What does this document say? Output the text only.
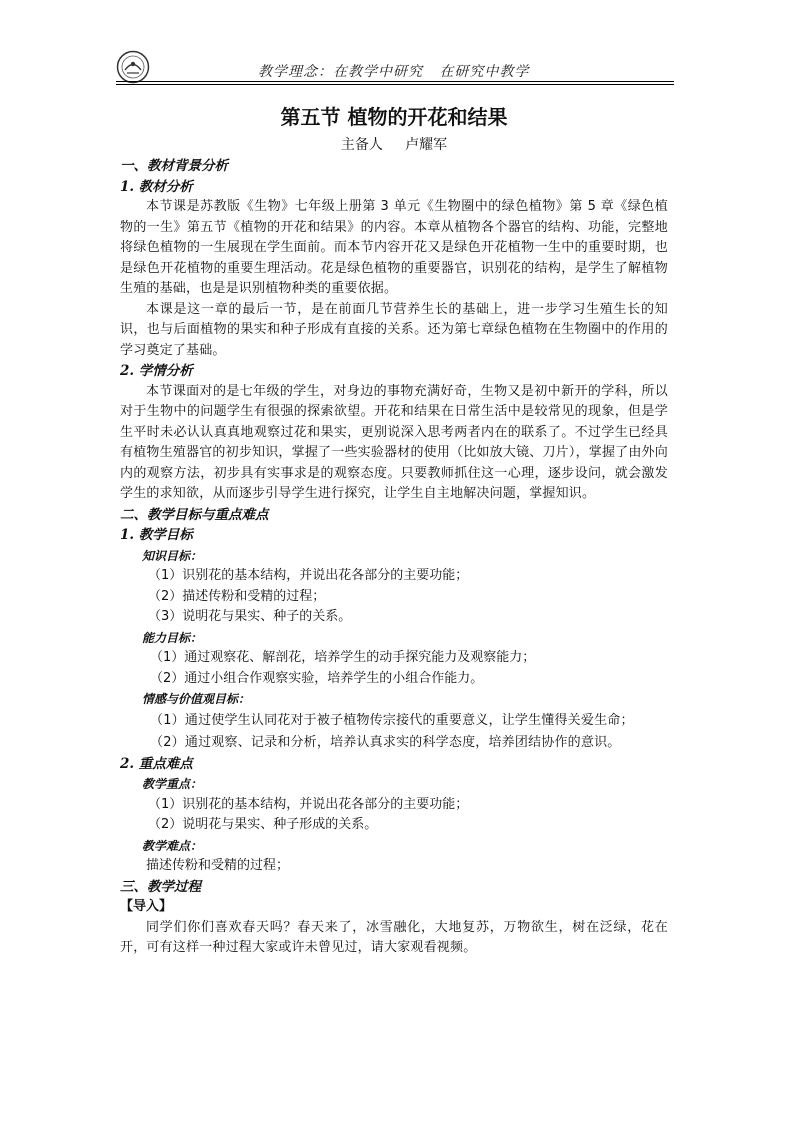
教学理念：在教学中研究   在研究中教学
第五节 植物的开花和结果
主备人     卢耀军
一、教材背景分析
1. 教材分析
本节课是苏教版《生物》七年级上册第 3 单元《生物圈中的绿色植物》第 5 章《绿色植物的一生》第五节《植物的开花和结果》的内容。本章从植物各个器官的结构、功能，完整地将绿色植物的一生展现在学生面前。而本节内容开花又是绿色开花植物一生中的重要时期，也是绿色开花植物的重要生理活动。花是绿色植物的重要器官，识别花的结构，是学生了解植物生殖的基础，也是是识别植物种类的重要依据。
本课是这一章的最后一节，是在前面几节营养生长的基础上，进一步学习生殖生长的知识，也与后面植物的果实和种子形成有直接的关系。还为第七章绿色植物在生物圈中的作用的学习奠定了基础。
2. 学情分析
本节课面对的是七年级的学生，对身边的事物充满好奇，生物又是初中新开的学科，所以对于生物中的问题学生有很强的探索欲望。开花和结果在日常生活中是较常见的现象，但是学生平时未必认认真真地观察过花和果实，更别说深入思考两者内在的联系了。不过学生已经具有植物生殖器官的初步知识，掌握了一些实验器材的使用（比如放大镜、刀片），掌握了由外向内的观察方法，初步具有实事求是的观察态度。只要教师抓住这一心理，逐步设问，就会激发学生的求知欲，从而逐步引导学生进行探究，让学生自主地解决问题，掌握知识。
二、教学目标与重点难点
1. 教学目标
知识目标：
（1）识别花的基本结构，并说出花各部分的主要功能；
（2）描述传粉和受精的过程；
（3）说明花与果实、种子的关系。
能力目标：
（1）通过观察花、解剖花，培养学生的动手探究能力及观察能力；
（2）通过小组合作观察实验，培养学生的小组合作能力。
情感与价值观目标：
（1）通过使学生认同花对于被子植物传宗接代的重要意义，让学生懂得关爱生命；
（2）通过观察、记录和分析，培养认真求实的科学态度，培养团结协作的意识。
2. 重点难点
教学重点：
（1）识别花的基本结构，并说出花各部分的主要功能；
（2）说明花与果实、种子形成的关系。
教学难点：
描述传粉和受精的过程；
三、教学过程
【导入】
同学们你们喜欢春天吗？春天来了，冰雪融化，大地复苏，万物欲生，树在泛绿，花在开，可有这样一种过程大家或许未曾见过，请大家观看视频。
